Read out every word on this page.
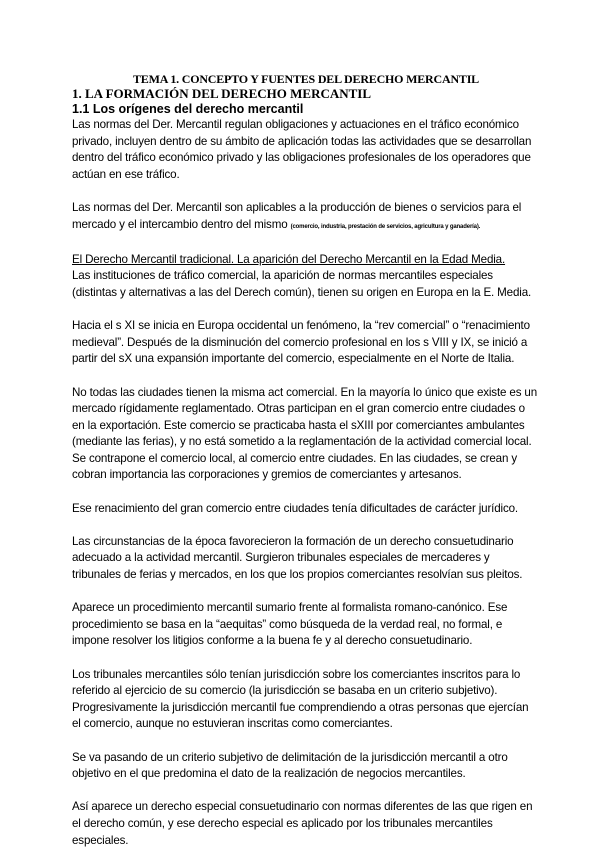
TEMA 1. CONCEPTO Y FUENTES DEL DERECHO MERCANTIL
1. LA FORMACIÓN DEL DERECHO MERCANTIL
1.1 Los orígenes del derecho mercantil

Las normas del Der. Mercantil regulan obligaciones y actuaciones en el tráfico económico privado, incluyen dentro de su ámbito de aplicación todas las actividades que se desarrollan dentro del tráfico económico privado y las obligaciones profesionales de los operadores que actúan en ese tráfico.

Las normas del Der. Mercantil son aplicables a la producción de bienes o servicios para el mercado y el intercambio dentro del mismo (comercio, industria, prestación de servicios, agricultura y ganadería).

El Derecho Mercantil tradicional. La aparición del Derecho Mercantil en la Edad Media.

Las instituciones de tráfico comercial, la aparición de normas mercantiles especiales (distintas y alternativas a las del Derech común), tienen su origen en Europa en la E. Media.

Hacia el s XI se inicia en Europa occidental un fenómeno, la “rev comercial” o “renacimiento medieval”. Después de la disminución del comercio profesional en los s VIII y IX, se inició a partir del sX una expansión importante del comercio, especialmente en el Norte de Italia.

No todas las ciudades tienen la misma act comercial. En la mayoría lo único que existe es un mercado rígidamente reglamentado. Otras participan en el gran comercio entre ciudades o en la exportación. Este comercio se practicaba hasta el sXIII por comerciantes ambulantes (mediante las ferias), y no está sometido a la reglamentación de la actividad comercial local. Se contrapone el comercio local, al comercio entre ciudades. En las ciudades, se crean y cobran importancia las corporaciones y gremios de comerciantes y artesanos.

Ese renacimiento del gran comercio entre ciudades tenía dificultades de carácter jurídico.

Las circunstancias de la época favorecieron la formación de un derecho consuetudinario adecuado a la actividad mercantil. Surgieron tribunales especiales de mercaderes y tribunales de ferias y mercados, en los que los propios comerciantes resolvían sus pleitos.

Aparece un procedimiento mercantil sumario frente al formalista romano-canónico. Ese procedimiento se basa en la “aequitas” como búsqueda de la verdad real, no formal, e impone resolver los litigios conforme a la buena fe y al derecho consuetudinario.

Los tribunales mercantiles sólo tenían jurisdicción sobre los comerciantes inscritos para lo referido al ejercicio de su comercio (la jurisdicción se basaba en un criterio subjetivo). Progresivamente la jurisdicción mercantil fue comprendiendo a otras personas que ejercían el comercio, aunque no estuvieran inscritas como comerciantes.

Se va pasando de un criterio subjetivo de delimitación de la jurisdicción mercantil a otro objetivo en el que predomina el dato de la realización de negocios mercantiles.

Así aparece un derecho especial consuetudinario con normas diferentes de las que rigen en el derecho común, y ese derecho especial es aplicado por los tribunales mercantiles especiales.
